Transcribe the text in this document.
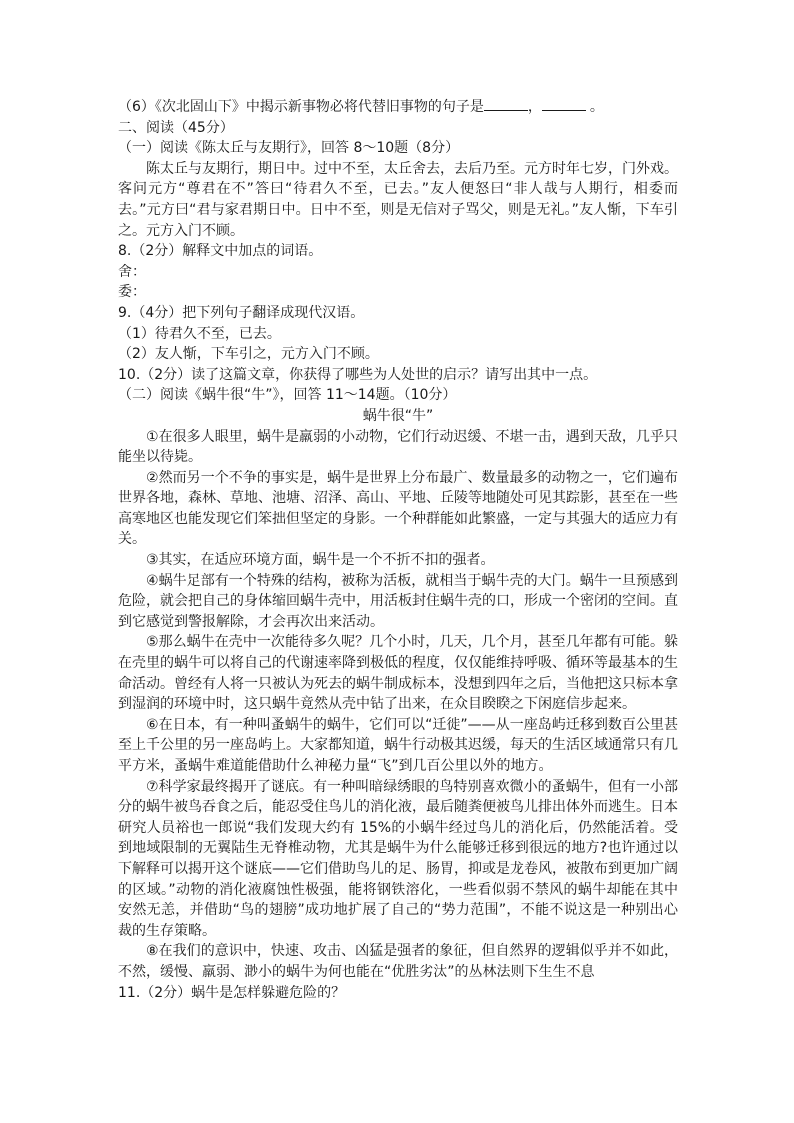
（6）《次北固山下》中揭示新事物必将代替旧事物的句子是	，	。
二、阅读（45分）
（一）阅读《陈太丘与友期行》，回答 8～10题（8分）
陈太丘与友期行，期日中。过中不至，太丘舍去，去后乃至。元方时年七岁，门外戏。客问元方“尊君在不”答曰“待君久不至，已去。”友人便怒曰“非人哉与人期行，相委而去。”元方曰“君与家君期日中。日中不至，则是无信对子骂父，则是无礼。”友人惭，下车引之。元方入门不顾。
8.（2分）解释文中加点的词语。
舍：
委：
9.（4分）把下列句子翻译成现代汉语。
（1）待君久不至，已去。
（2）友人惭，下车引之，元方入门不顾。
10.（2分）读了这篇文章，你获得了哪些为人处世的启示？请写出其中一点。
（二）阅读《蜗牛很“牛”》，回答 11～14题。（10分）
蜗牛很“牛”
①在很多人眼里，蜗牛是羸弱的小动物，它们行动迟缓、不堪一击，遇到天敌，几乎只能坐以待毙。
②然而另一个不争的事实是，蜗牛是世界上分布最广、数量最多的动物之一，它们遍布世界各地，森林、草地、池塘、沼泽、高山、平地、丘陵等地随处可见其踪影，甚至在一些高寒地区也能发现它们笨拙但坚定的身影。一个种群能如此繁盛，一定与其强大的适应力有关。
③其实，在适应环境方面，蜗牛是一个不折不扣的强者。
④蜗牛足部有一个特殊的结构，被称为活板，就相当于蜗牛壳的大门。蜗牛一旦预感到危险，就会把自己的身体缩回蜗牛壳中，用活板封住蜗牛壳的口，形成一个密闭的空间。直到它感觉到警报解除，才会再次出来活动。
⑤那么蜗牛在壳中一次能待多久呢？几个小时，几天，几个月，甚至几年都有可能。躲在壳里的蜗牛可以将自己的代谢速率降到极低的程度，仅仅能维持呼吸、循环等最基本的生命活动。曾经有人将一只被认为死去的蜗牛制成标本，没想到四年之后，当他把这只标本拿到湿润的环境中时，这只蜗牛竟然从壳中钻了出来，在众目睽睽之下闲庭信步起来。
⑥在日本，有一种叫蚤蜗牛的蜗牛，它们可以“迁徙”——从一座岛屿迁移到数百公里甚至上千公里的另一座岛屿上。大家都知道，蜗牛行动极其迟缓，每天的生活区域通常只有几平方米，蚤蜗牛难道能借助什么神秘力量“飞”到几百公里以外的地方。
⑦科学家最终揭开了谜底。有一种叫暗绿绣眼的鸟特别喜欢微小的蚤蜗牛，但有一小部分的蜗牛被鸟吞食之后，能忍受住鸟儿的消化液，最后随粪便被鸟儿排出体外而逃生。日本研究人员裕也一郎说“我们发现大约有 15%的小蜗牛经过鸟儿的消化后，仍然能活着。受到地域限制的无翼陆生无脊椎动物，尤其是蜗牛为什么能够迁移到很远的地方?也许通过以下解释可以揭开这个谜底——它们借助鸟儿的足、肠胃，抑或是龙卷风，被散布到更加广阔的区域。”动物的消化液腐蚀性极强，能将钢铁溶化，一些看似弱不禁风的蜗牛却能在其中安然无恙，并借助“鸟的翅膀”成功地扩展了自己的“势力范围”，不能不说这是一种别出心裁的生存策略。
⑧在我们的意识中，快速、攻击、凶猛是强者的象征，但自然界的逻辑似乎并不如此，不然，缓慢、羸弱、渺小的蜗牛为何也能在“优胜劣汰”的丛林法则下生生不息
11.（2分）蜗牛是怎样躲避危险的？
